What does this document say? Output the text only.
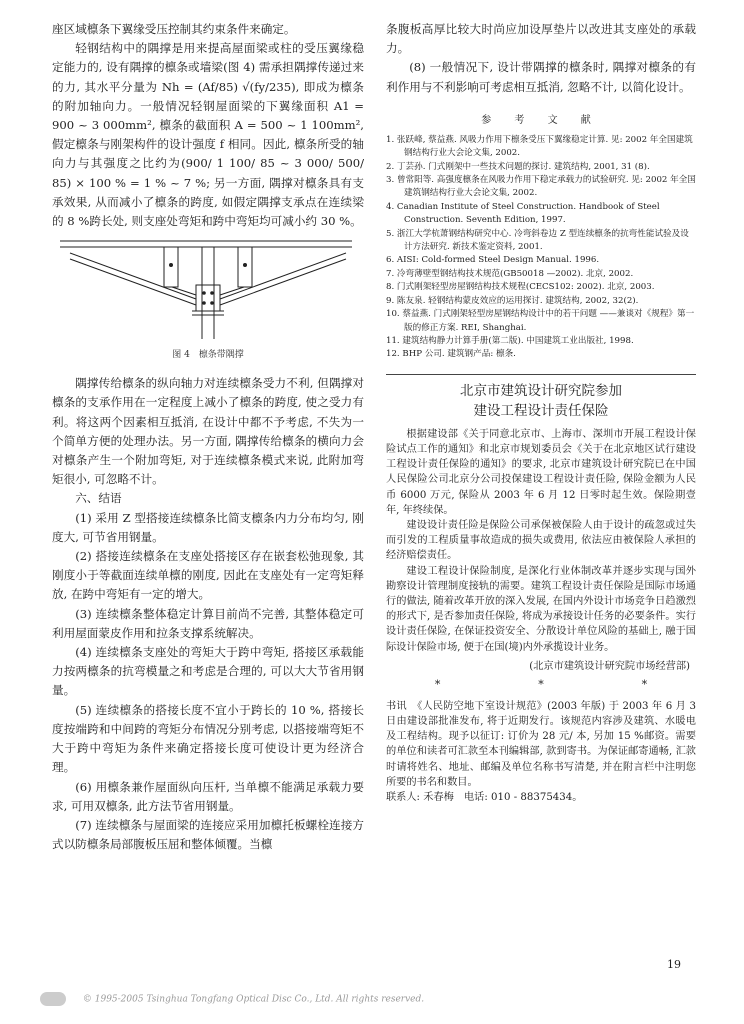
座区域檩条下翼缘受压控制其约束条件来确定。

轻钢结构中的隅撑是用来提高屋面梁或柱的受压翼缘稳定能力的, 设有隅撑的檩条或墙梁(图 4) 需承担隅撑传递过来的力, 其水平分量为 Nh = (Af/85) √(fy/235), 即成为檩条的附加轴向力。一般情况轻钢屋面梁的下翼缘面积 A1 = 900 ~ 3 000mm², 檩条的截面积 A = 500 ~ 1 100mm², 假定檩条与刚架构件的设计强度 f 相同。因此, 檩条所受的轴向力与其强度之比约为(900/ 1 100/ 85 ~ 3 000/ 500/ 85) × 100 % = 1 % ~ 7 %; 另一方面, 隅撑对檩条具有支承效果, 从而减小了檩条的跨度, 如假定隅撑支承点在连续梁的 8 %跨长处, 则支座处弯矩和跨中弯矩均可减小约 30 %。

图 4　檩条带隅撑

隅撑传给檩条的纵向轴力对连续檩条受力不利, 但隅撑对檩条的支承作用在一定程度上减小了檩条的跨度, 使之受力有利。将这两个因素相互抵消, 在设计中都不予考虑, 不失为一个简单方便的处理办法。另一方面, 隅撑传给檩条的横向力会对檩条产生一个附加弯矩, 对于连续檩条模式来说, 此附加弯矩很小, 可忽略不计。

六、结语

(1) 采用 Z 型搭接连续檩条比简支檩条内力分布均匀, 刚度大, 可节省用钢量。

(2) 搭接连续檩条在支座处搭接区存在嵌套松弛现象, 其刚度小于等截面连续单檩的刚度, 因此在支座处有一定弯矩释放, 在跨中弯矩有一定的增大。

(3) 连续檩条整体稳定计算目前尚不完善, 其整体稳定可利用屋面蒙皮作用和拉条支撑系统解决。

(4) 连续檩条支座处的弯矩大于跨中弯矩, 搭接区承载能力按两檩条的抗弯模量之和考虑是合理的, 可以大大节省用钢量。

(5) 连续檩条的搭接长度不宜小于跨长的 10 %, 搭接长度按端跨和中间跨的弯矩分布情况分别考虑, 以搭接端弯矩不大于跨中弯矩为条件来确定搭接长度可使设计更为经济合理。

(6) 用檩条兼作屋面纵向压杆, 当单檩不能满足承载力要求, 可用双檩条, 此方法节省用钢量。

(7) 连续檩条与屋面梁的连接应采用加檩托板螺栓连接方式以防檩条局部腹板压屈和整体倾覆。当檩

条腹板高厚比较大时尚应加设厚垫片以改进其支座处的承载力。

(8) 一般情况下, 设计带隅撑的檩条时, 隅撑对檩条的有利作用与不利影响可考虑相互抵消, 忽略不计, 以简化设计。

参 考 文 献
1. 张跃峰, 蔡益燕. 风吸力作用下檩条受压下翼缘稳定计算. 见: 2002 年全国建筑钢结构行业大会论文集, 2002.
2. 丁芸孙. 门式刚架中一些技术问题的探讨. 建筑结构, 2001, 31 (8).
3. 曾常阳等. 高强度檩条在风吸力作用下稳定承载力的试验研究. 见: 2002 年全国建筑钢结构行业大会论文集, 2002.
4. Canadian Institute of Steel Construction. Handbook of Steel Construction. Seventh Edition, 1997.
5. 浙江大学杭萧钢结构研究中心. 冷弯斜卷边 Z 型连续檩条的抗弯性能试验及设计方法研究. 新技术鉴定资料, 2001.
6. AISI: Cold-formed Steel Design Manual. 1996.
7. 冷弯薄壁型钢结构技术规范(GB50018 —2002). 北京, 2002.
8. 门式刚架轻型房屋钢结构技术规程(CECS102: 2002). 北京, 2003.
9. 陈友泉. 轻钢结构蒙皮效应的运用探讨. 建筑结构, 2002, 32(2).
10. 蔡益燕. 门式刚架轻型房屋钢结构设计中的若干问题 ——兼谈对《规程》第一版的修正方案. REI, Shanghai.
11. 建筑结构静力计算手册(第二版). 中国建筑工业出版社, 1998.
12. BHP 公司. 建筑钢产品: 檩条.
北京市建筑设计研究院参加
建设工程设计责任保险

根据建设部《关于同意北京市、上海市、深圳市开展工程设计保险试点工作的通知》和北京市规划委员会《关于在北京地区试行建设工程设计责任保险的通知》的要求, 北京市建筑设计研究院已在中国人民保险公司北京分公司投保建设工程设计责任险, 保险金额为人民币 6000 万元, 保险从 2003 年 6 月 12 日零时起生效。保险期壹年, 年终续保。

建设设计责任险是保险公司承保被保险人由于设计的疏忽或过失而引发的工程质量事故造成的损失或费用, 依法应由被保险人承担的经济赔偿责任。

建设工程设计保险制度, 是深化行业体制改革并逐步实现与国外勘察设计管理制度接轨的需要。建筑工程设计责任保险是国际市场通行的做法, 随着改革开放的深入发展, 在国内外设计市场竞争日趋激烈的形式下, 是否参加责任保险, 将成为承接设计任务的必要条件。实行设计责任保险, 在保证投资安全、分散设计单位风险的基础上, 融于国际设计保险市场, 便于在国(境)内外承揽设计业务。

(北京市建筑设计研究院市场经营部)
*	*	*

书讯　《人民防空地下室设计规范》(2003 年版) 于 2003 年 6 月 3 日由建设部批准发布, 将于近期发行。该规范内容涉及建筑、水暖电及工程结构。现予以征订: 订价为 28 元/ 本, 另加 15 %邮资。需要的单位和读者可汇款至本刊编辑部, 款到寄书。为保证邮寄通畅, 汇款时请将姓名、地址、邮编及单位名称书写清楚, 并在附言栏中注明您所要的书名和数目。

联系人: 禾春梅　电话: 010 - 88375434。

19
© 1995-2005 Tsinghua Tongfang Optical Disc Co., Ltd. All rights reserved.
